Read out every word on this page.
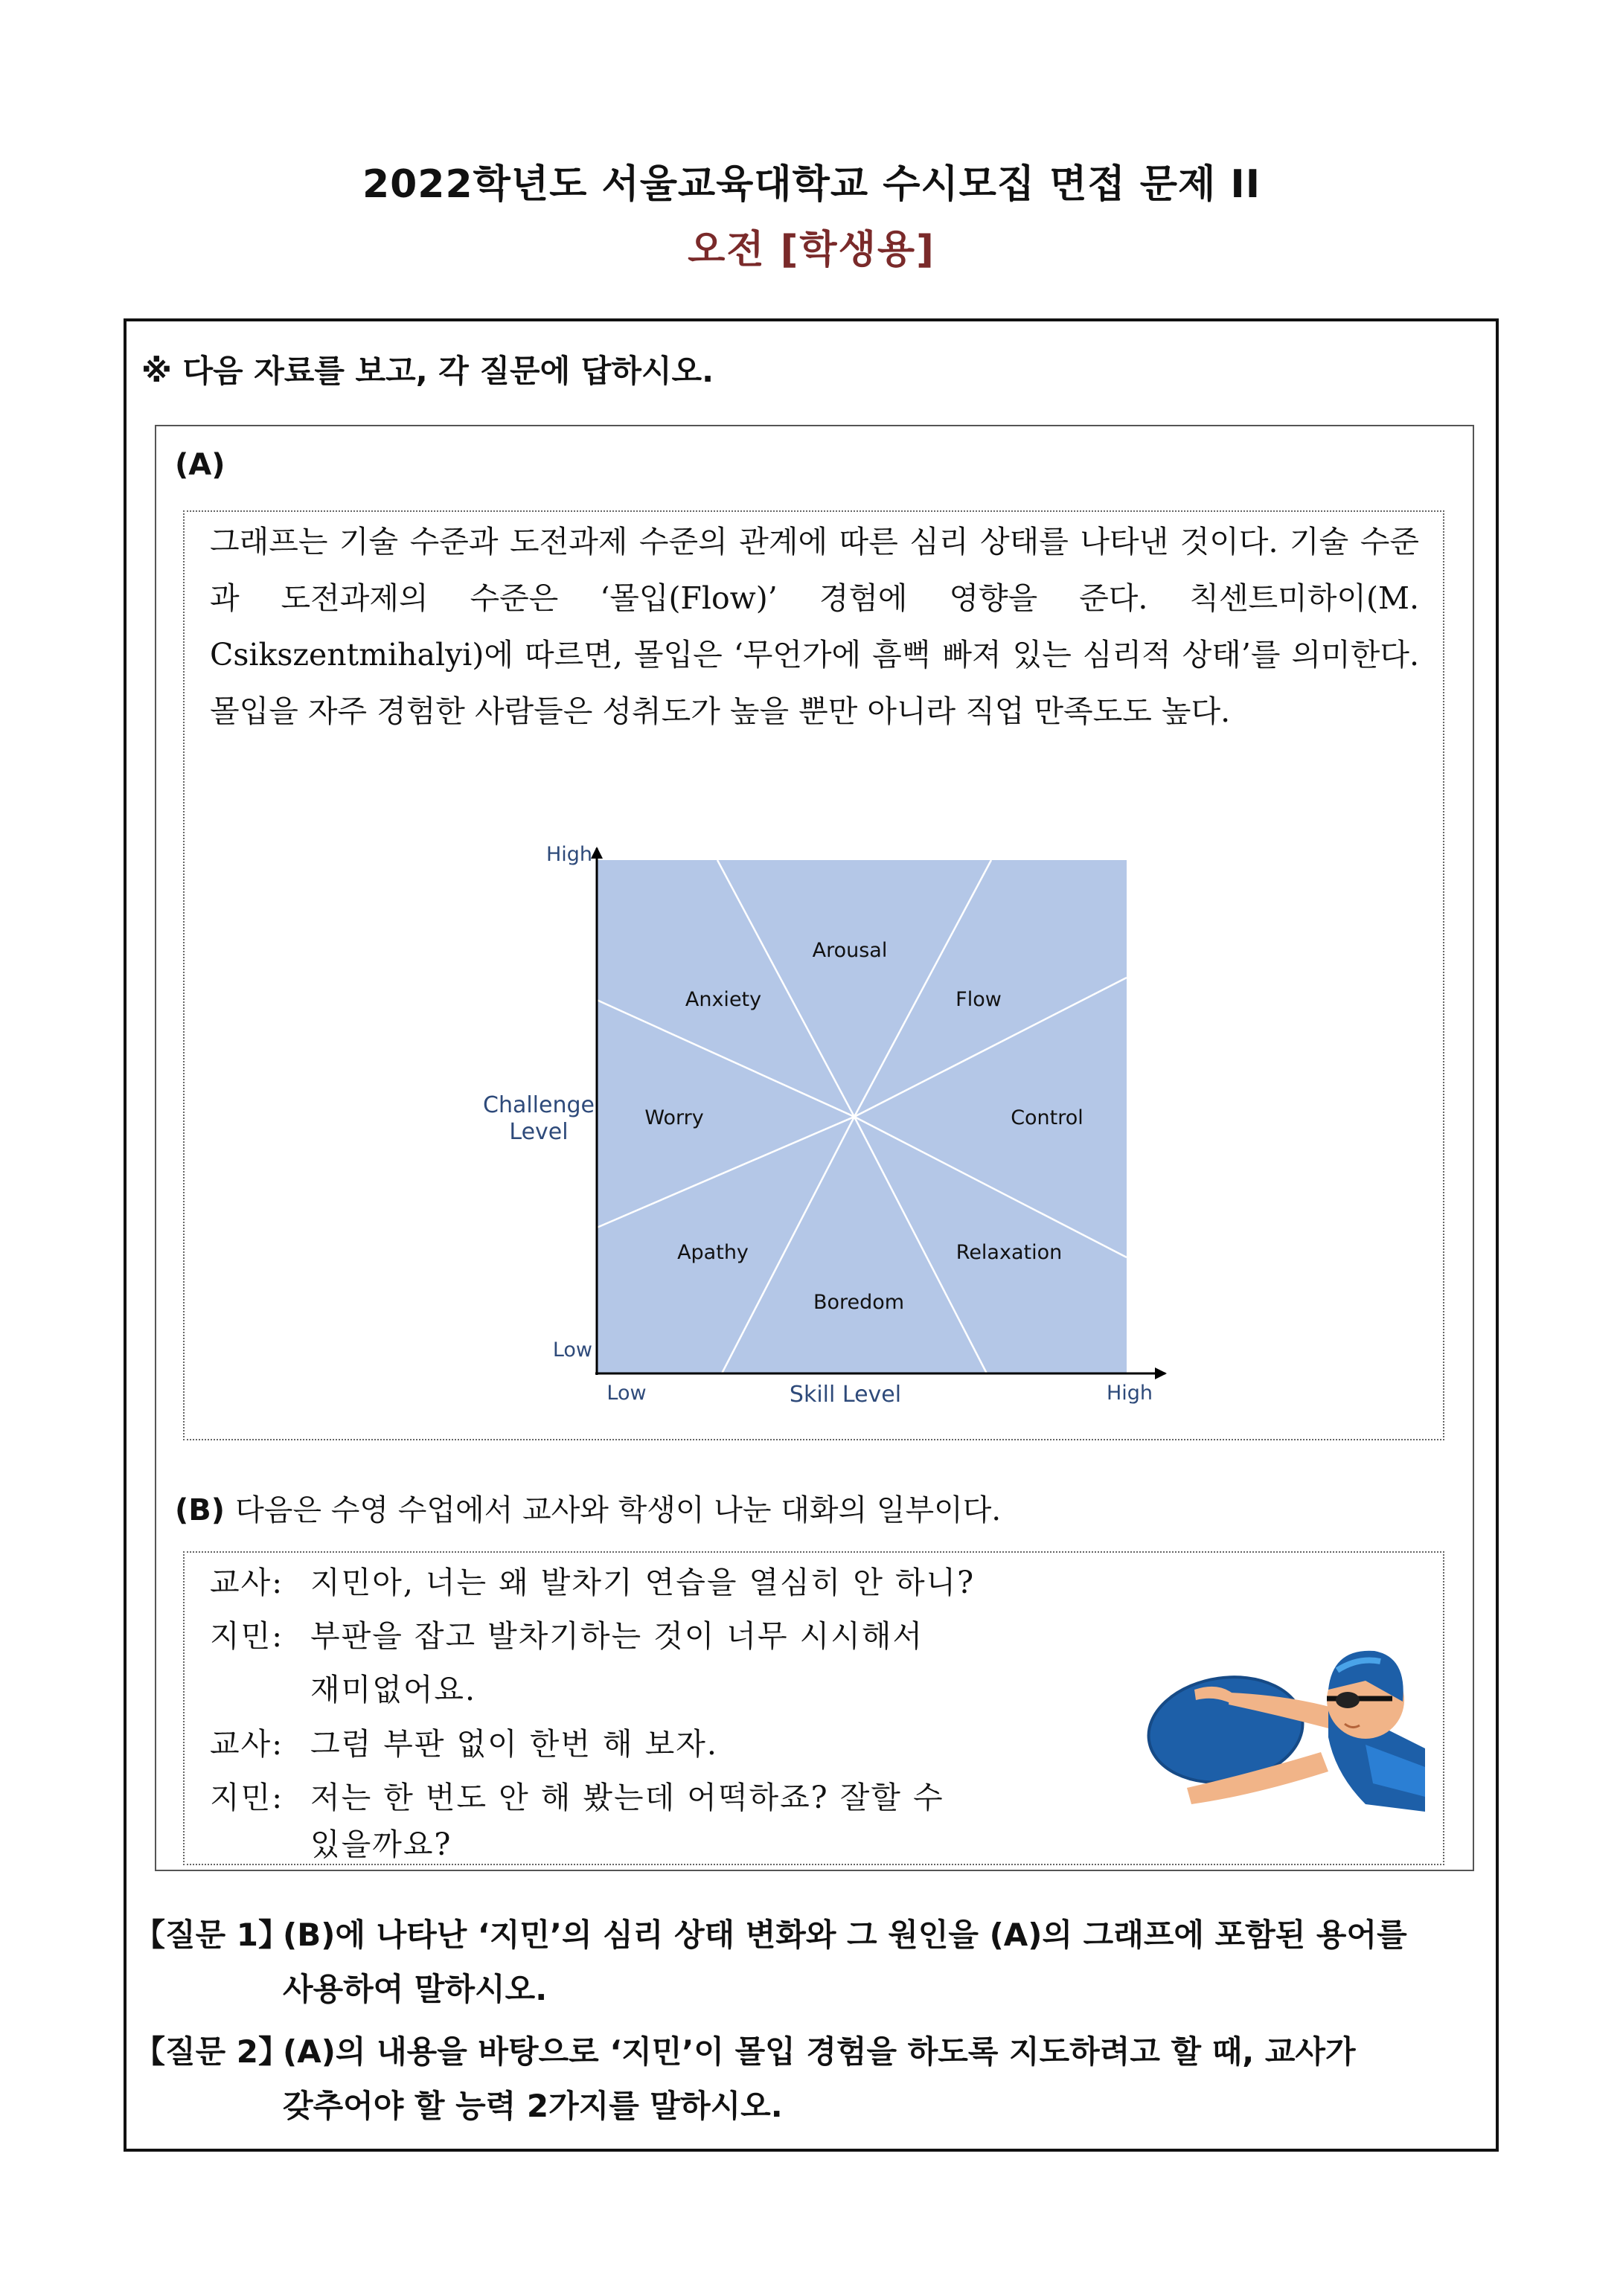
2022학년도 서울교육대학교 수시모집 면접 문제 II
오전 [학생용]
※ 다음 자료를 보고, 각 질문에 답하시오.
(A)
그래프는 기술 수준과 도전과제 수준의 관계에 따른 심리 상태를 나타낸 것이다. 기술 수준과 도전과제의 수준은 ‘몰입(Flow)’ 경험에 영향을 준다. 칙센트미하이(M. Csikszentmihalyi)에 따르면, 몰입은 ‘무언가에 흠뻑 빠져 있는 심리적 상태’를 의미한다. 몰입을 자주 경험한 사람들은 성취도가 높을 뿐만 아니라 직업 만족도도 높다.
Arousal
Anxiety	Flow
Worry	Control
Apathy	Relaxation
Boredom
High
Low
Low	High
Skill Level
Challenge
Level
(B) 다음은 수영 수업에서 교사와 학생이 나눈 대화의 일부이다.
교사: 지민아, 너는 왜 발차기 연습을 열심히 안 하니?
지민: 부판을 잡고 발차기하는 것이 너무 시시해서
재미없어요.
교사: 그럼 부판 없이 한번 해 보자.
지민: 저는 한 번도 안 해 봤는데 어떡하죠? 잘할 수
있을까요?
【질문 1】(B)에 나타난 ‘지민’의 심리 상태 변화와 그 원인을 (A)의 그래프에 포함된 용어를
사용하여 말하시오.
【질문 2】(A)의 내용을 바탕으로 ‘지민’이 몰입 경험을 하도록 지도하려고 할 때, 교사가
갖추어야 할 능력 2가지를 말하시오.
